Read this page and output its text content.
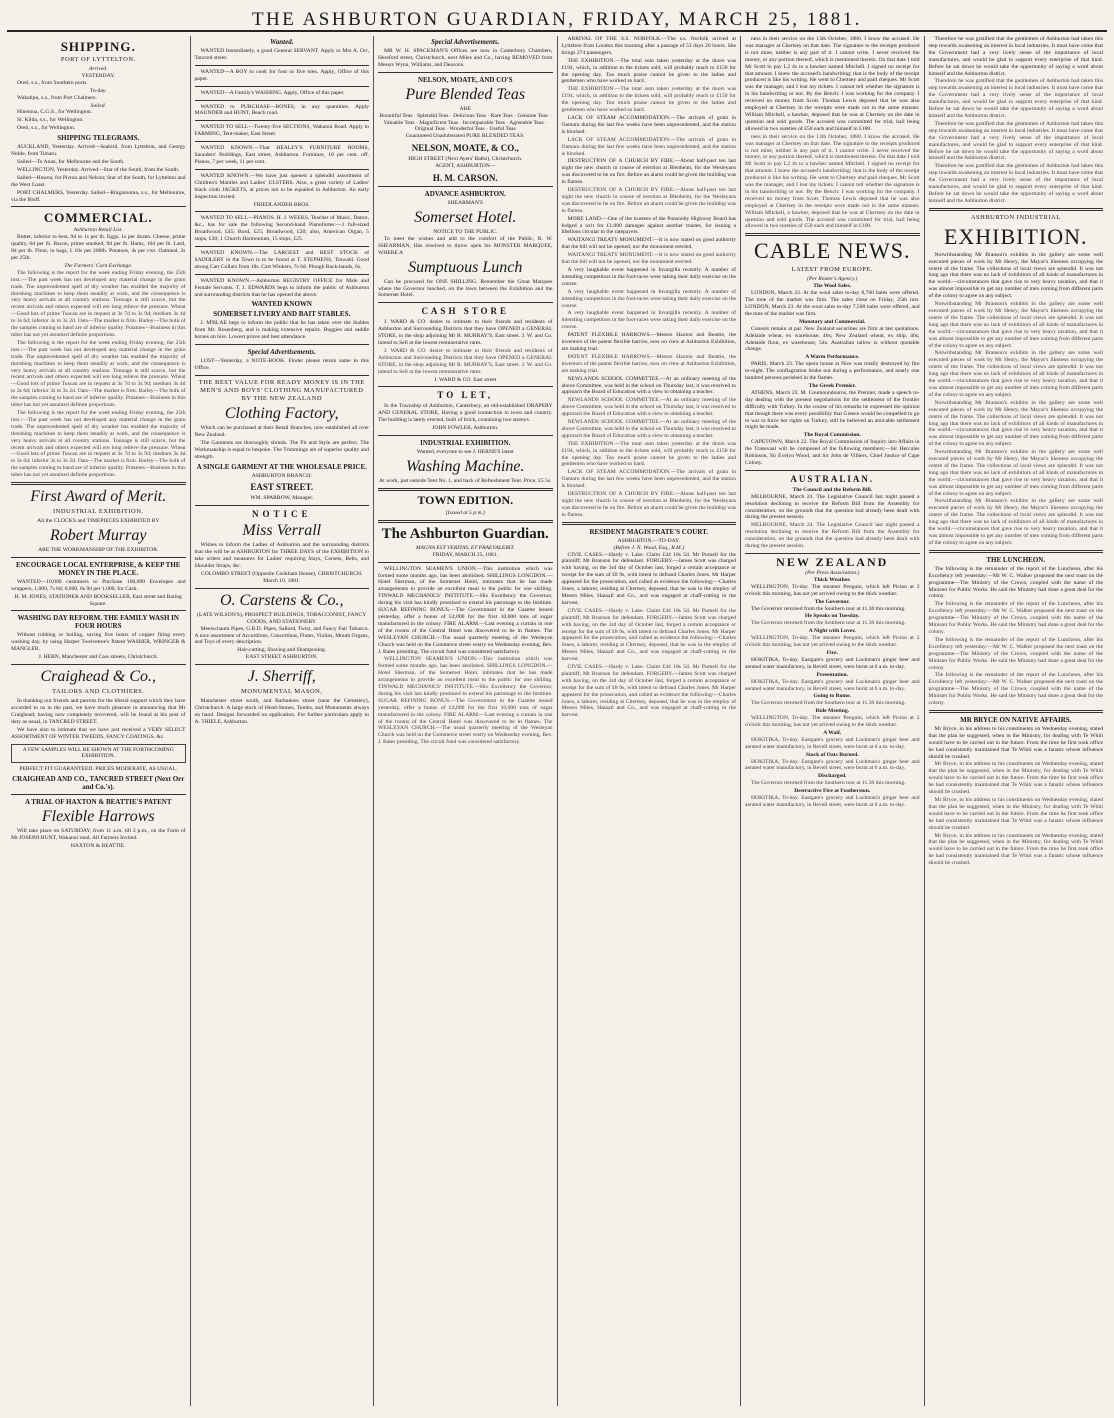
THE ASHBURTON GUARDIAN, FRIDAY, MARCH 25, 1881.
SHIPPING.
PORT OF LYTTELTON.
Arrived.
YESTERDAY.
Oreti, s.s., from Southern ports.
To-day.
Wakatipu, s.s., from Port Chalmers.
Sailed.
Hinemoa, C.G.S., for Wellington.
St. Kilda, s.s., for Wellington.
Oreti, s.s., for Wellington.
SHIPPING TELEGRAMS.
AUCKLAND, Yesterday. Arrived—Seabird, from Lyttelton, and Georgy Noble, from Timaru.
Sailed—To Anau, for Melbourne and the South.
WELLINGTON, Yesterday. Arrived—Star of the South, from the South.
Sailed—Hawea, for Picton and Nelson; Star of the South, for Lyttelton and the West Coast.
PORT CHALMERS, Yesterday. Sailed—Ringarooma, s.s., for Melbourne, via the Bluff.
COMMERCIAL.
Ashburton Retail List.
Butter, inferior to best, 9d to 1s per lb. Eggs, 1s per dozen. Cheese, prime quality, 6d per lb. Bacon, prime smoked, 9d per lb. Hams, 10d per lb. Lard, 8d per lb. Flour, in bags, £ 10s per 200lb. Potatoes, 4s per cwt. Oatmeal, 2s per 25lb.
The Farmers' Corn Exchange.
The following is the report for the week ending Friday evening, the 25th inst.:—The past week has not developed any material change in the grain trade. The unprecedented spell of dry weather has enabled the majority of threshing machines to keep them steadily at work, and the consequence is very heavy arrivals at all country stations. Tonnage is still scarce, but the recent arrivals and others expected will ere long relieve the pressure. Wheat—Good lots of prime Tuscan are in request at 3s 7d to 3s 9d; medium 3s 4d to 3s 6d; inferior 3s to 3s 2d. Oats—The market is firm. Barley—The bulk of the samples coming to hand are of inferior quality. Potatoes—Business in this tuber has not yet assumed definite proportions.
The following is the report for the week ending Friday evening, the 25th inst.:—The past week has not developed any material change in the grain trade. The unprecedented spell of dry weather has enabled the majority of threshing machines to keep them steadily at work, and the consequence is very heavy arrivals at all country stations. Tonnage is still scarce, but the recent arrivals and others expected will ere long relieve the pressure. Wheat—Good lots of prime Tuscan are in request at 3s 7d to 3s 9d; medium 3s 4d to 3s 6d; inferior 3s to 3s 2d. Oats—The market is firm. Barley—The bulk of the samples coming to hand are of inferior quality. Potatoes—Business in this tuber has not yet assumed definite proportions.
The following is the report for the week ending Friday evening, the 25th inst.:—The past week has not developed any material change in the grain trade. The unprecedented spell of dry weather has enabled the majority of threshing machines to keep them steadily at work, and the consequence is very heavy arrivals at all country stations. Tonnage is still scarce, but the recent arrivals and others expected will ere long relieve the pressure. Wheat—Good lots of prime Tuscan are in request at 3s 7d to 3s 9d; medium 3s 4d to 3s 6d; inferior 3s to 3s 2d. Oats—The market is firm. Barley—The bulk of the samples coming to hand are of inferior quality. Potatoes—Business in this tuber has not yet assumed definite proportions.
First Award of Merit.
INDUSTRIAL EXHIBITION.
All the CLOCKS and TIMEPIECES EXHIBITED BY
Robert Murray
ARE THE WORKMANSHIP OF THE EXHIBITOR.
ENCOURAGE LOCAL ENTERPRISE, & KEEP THE MONEY IN THE PLACE.
WANTED—10,000 customers to Purchase 100,000 Envelopes and wrappers, 1,000, 7s 6d; 6,000, 6s 9d per 1,000, for Cash.
H. M. JONES, STATIONER AND BOOKSELLER, East street and Baring Square.
WASHING DAY REFORM. THE FAMILY WASH IN FOUR HOURS
Without rubbing or boiling, saving five hours of copper firing every washing day, by using Harper Twelvetree's Patent WASHER, WRINGER & MANGLER.
J. HERN, Manchester and Cass streets, Christchurch.
Craighead & Co.,
TAILORS AND CLOTHIERS.
In thanking our friends and patrons for the liberal support which they have accorded to us in the past, we have much pleasure in announcing that Mr Craighead, having now completely recovered, will be found at his post of duty as usual, in TANCRED STREET.
We have also to intimate that we have just received a VERY SELECT ASSORTMENT OF WINTER TWEEDS, FANCY COATINGS, &c.
A FEW SAMPLES WILL BE SHOWN AT THE FORTHCOMING EXHIBITION.
PERFECT FIT GUARANTEED. PRICES MODERATE, AS USUAL.
CRAIGHEAD AND CO., TANCRED STREET (Next Orr and Co.'s).
A TRIAL OF HAXTON & BEATTIE'S PATENT
Flexible Harrows
Will take place on SATURDAY, from 11 a.m. till 2 p.m., on the Farm of Mr JOSEPH HUNT, Wakanui road. All Farmers Invited.
HAXTON & BEATTIE.
Wanted.
WANTED Immediately, a good General SERVANT. Apply to Mrs A. Orr, Tancred street.
WANTED—A BOY to cook for four or five men. Apply, Office of this paper.
WANTED—A Family's WASHING. Apply, Office of this paper.
WANTED to PURCHASE—BONES, in any quantities. Apply MAUNDER and HUNT, Beach road.
WANTED TO SELL—Twenty-five SECTIONS, Wakanui Road. Apply to FARMING, Tent-maker, East Street.
WANTED KNOWN.—That HEALEY'S FURNITURE ROOMS, Saunders' Buildings, East street, Ashburton. Furniture, 10 per cent. off. Pianos, 7 per week, 11 per cent.
WANTED KNOWN.—We have just opened a splendid assortment of Children's Mantles and Ladies' ULSTERS. Also, a great variety of Ladies' black cloth JACKETS, at prices not to be equalled in Ashburton. An early inspection invited.
FRIEDLANDER BROS.
WANTED TO SELL—PIANOS. H. J. WEEKS, Teacher of Music, Dance, &c., has for sale the following Second-hand Pianofortes:—1 full-sized Broadwood, £45; Bord, £25; Broadwood, £20; also, American Organ, 5 stops, £30; 1 Church Harmonium, 15 stops, £25.
WANTED KNOWN.—The LARGEST and BEST STOCK of SADDLERY in the Town is to be found at T. STEPHENS, Tinwald. Good strong Cart Collars from 18s. Cart Winkers, 7s 6d. Plough Back-bands, 6s.
WANTED KNOWN.—Ashburton REGISTRY OFFICE for Male and Female Servants. T. J. EDWARDS begs to inform the public of Ashburton and surrounding districts that he has opened the above.
WANTED KNOWN
SOMERSET LIVERY AND BAIT STABLES.
J. M'BLAE begs to inform the public that he has taken over the Stables from Mr. Rosenberg, and is making extensive repairs. Buggies and saddle horses on hire. Lowest prices and best attendance.
Special Advertisements.
LOST—Yesterday, a NOTE-BOOK. Finder please return same to this Office.
THE BEST VALUE FOR READY MONEY IS IN THE MEN'S AND BOYS' CLOTHING MANUFACTURED BY THE NEW ZEALAND
Clothing Factory,
Which can be purchased at their Retail Branches, now established all over New Zealand.
The Garments are thoroughly shrunk. The Fit and Style are perfect. The Workmanship is equal to bespoke. The Trimmings are of superior quality and strength.
A SINGLE GARMENT AT THE WHOLESALE PRICE.
ASHBURTON BRANCH:
EAST STREET.
WM. SPARROW, Manager.
NOTICE
Miss Verrall
Wishes to inform the Ladies of Ashburton and the surrounding districts that she will be at ASHBURTON for THREE DAYS of the EXHIBITION to take orders and measures for Ladies' requiring Stays, Corsets, Belts, and Shoulder Straps, &c.
COLOMBO STREET (Opposite Cookham House), CHRISTCHURCH. March 10, 1881.
O. Carstens & Co.,
(LATE WILSON'S), PROSPECT BUILDINGS, TOBACCONIST, FANCY GOODS, AND STATIONERY.
Meerschaum Pipes, G.B.D. Pipes, Sallord, Twist, and Fancy Fair Tobacco. A nice assortment of Accordions, Concertinas, Flutes, Violins, Mouth Organs, and Toys of every description.
Hair-cutting, Shaving and Shampooing.
EAST STREET ASHBURTON.
J. Sherriff,
MONUMENTAL MASON,
Manchester street south, and Barbadoes street (near the Cemetery), Christchurch. A large stock of Head-Stones, Tombs, and Monuments always on hand. Designs forwarded on application. For further particulars apply to A. THIELE, Ashburton.
Special Advertisements.
MR W. H. SPACKMAN'S Offices are now in Canterbury Chambers, Hereford street, Christchurch, next Miles and Co., having REMOVED from Messrs Wynn, Williams, and Deacons.
NELSON, MOATE, AND CO'S
Pure Blended Teas
ARE
Bountiful Teas · Splendid Teas · Delicious Teas · Rare Teas · Genuine Teas · Valuable Teas · Magnificent Teas · Incomparable Teas · Agreeable Teas · Original Teas · Wonderful Teas · Useful Teas
Guaranteed Unadulterated PURE BLENDED TEAS.
NELSON, MOATE, & CO.,
HIGH STREET (Next Ayers' Baths), Christchurch.
AGENT, ASHBURTON—
H. M. CARSON.
ADVANCE ASHBURTON.
SHEARMAN'S
Somerset Hotel.
NOTICE TO THE PUBLIC.
To meet the wishes and add to the comfort of the Public, R. W. SHEARMAN, Has resolved to throw open his MONSTER MARQUEE, WHERE A
Sumptuous Lunch
Can be procured for ONE SHILLING. Remember the Great Marquee where the Governor lunched, on the lawn between the Exhibition and the Somerset Hotel.
CASH STORE
J. WARD & CO. desire to intimate to their friends and residents of Ashburton and Surrounding Districts that they have OPENED a GENERAL STORE, in the shop adjoining Mr R. MURRAY'S, East street. J. W. and Co. intend to Sell at the lowest remunerative rates.
J. WARD & CO. desire to intimate to their friends and residents of Ashburton and Surrounding Districts that they have OPENED a GENERAL STORE, in the shop adjoining Mr R. MURRAY'S, East street. J. W. and Co. intend to Sell at the lowest remunerative rates.
J. WARD & CO. East street
TO LET,
In the Township of Ashburton, Canterbury, an old-established DRAPERY AND GENERAL STORE, Having a good connection in town and country. The building is lately erected, built of brick, containing two storeys.
JOHN FOWLER, Ashburton.
INDUSTRIAL EXHIBITION.
Wanted, everyone to see J. HERNE'S latest
Washing Machine.
At work, just outside Tent No. 1, and back of Refreshment Tent. Price, £5 5s.
TOWN EDITION.
[Issued at 5 p.m.]
The Ashburton Guardian.
MAGNA EST VERITAS, ET PRAEVALEBIT.
FRIDAY, MARCH 25, 1881.
WELLINGTON SEAMEN'S UNION.—This institution which was formed some months ago, has been abolished. SHILLINGS LONGDON.—Hotel Sherman, of the Somerset Hotel, intimates that he has made arrangements to provide an excellent meal to the public for one shilling. TINWALD MECHANICS' INSTITUTE.—His Excellency the Governor, during his visit has kindly promised to extend his patronage to the Institute. SUGAR REFINING BONUS.—The Government in the Gazette issued yesterday, offer a bonus of £4,000 for the first 10,000 tons of sugar manufactured in the colony. FIRE ALARM.—Last evening a curtain in one of the rooms of the Central Hotel was discovered to be in flames. The WESLEYAN CHURCH.—The usual quarterly meeting of the Wesleyan Church was held on the Commerce street vestry on Wednesday evening, Rev. J. Bates presiding. The circuit fund was considered satisfactory.
WELLINGTON SEAMEN'S UNION.—This institution which was formed some months ago, has been abolished. SHILLINGS LONGDON.—Hotel Sherman, of the Somerset Hotel, intimates that he has made arrangements to provide an excellent meal to the public for one shilling. TINWALD MECHANICS' INSTITUTE.—His Excellency the Governor, during his visit has kindly promised to extend his patronage to the Institute. SUGAR REFINING BONUS.—The Government in the Gazette issued yesterday, offer a bonus of £4,000 for the first 10,000 tons of sugar manufactured in the colony. FIRE ALARM.—Last evening a curtain in one of the rooms of the Central Hotel was discovered to be in flames. The WESLEYAN CHURCH.—The usual quarterly meeting of the Wesleyan Church was held on the Commerce street vestry on Wednesday evening, Rev. J. Bates presiding. The circuit fund was considered satisfactory.
ARRIVAL OF THE S.S. NORFOLK.—The s.s. Norfolk arrived at Lyttelton from London this morning after a passage of 53 days 20 hours. She brings 274 passengers.
THE EXHIBITION.—The total sum taken yesterday at the doors was £194, which, in addition to the tickets sold, will probably reach to £150 for the opening day. Too much praise cannot be given to the ladies and gentlemen who have worked so hard.
THE EXHIBITION.—The total sum taken yesterday at the doors was £194, which, in addition to the tickets sold, will probably reach to £150 for the opening day. Too much praise cannot be given to the ladies and gentlemen who have worked so hard.
LACK OF STEAM ACCOMMODATION.—The arrivals of grain in Oamaru during the last few weeks have been unprecedented, and the station is blocked.
LACK OF STEAM ACCOMMODATION.—The arrivals of grain in Oamaru during the last few weeks have been unprecedented, and the station is blocked.
DESTRUCTION OF A CHURCH BY FIRE.—About half-past ten last night the new church in course of erection at Blenheim, for the Wesleyans was discovered to be on fire. Before an alarm could be given the building was in flames.
DESTRUCTION OF A CHURCH BY FIRE.—About half-past ten last night the new church in course of erection at Blenheim, for the Wesleyans was discovered to be on fire. Before an alarm could be given the building was in flames.
MORE LAND.—One of the trustees of the Ponsonby Highway Board has lodged a writ for £1,000 damages against another trustee, for issuing a libellous circular to the ratepayers.
WAITANGI TREATY MONUMENT.—It is now stated on good authority that the hill will not be opened, nor the monument erected.
WAITANGI TREATY MONUMENT.—It is now stated on good authority that the hill will not be opened, nor the monument erected.
A very laughable event happened in Invargilla recently. A number of intending competitors in the foot-races were taking their daily exercise on the course.
A very laughable event happened in Invargilla recently. A number of intending competitors in the foot-races were taking their daily exercise on the course.
A very laughable event happened in Invargilla recently. A number of intending competitors in the foot-races were taking their daily exercise on the course.
PATENT FLEXIBLE HARROWS.—Messrs Haxton and Beattie, the inventors of the patent flexible harrow, now on view at Ashburton Exhibition, are making trial.
PATENT FLEXIBLE HARROWS.—Messrs Haxton and Beattie, the inventors of the patent flexible harrow, now on view at Ashburton Exhibition, are making trial.
NEWLANDS SCHOOL COMMITTEE.—At an ordinary meeting of the above Committee, was held in the school on Thursday last, it was resolved to approach the Board of Education with a view to obtaining a teacher.
NEWLANDS SCHOOL COMMITTEE.—At an ordinary meeting of the above Committee, was held in the school on Thursday last, it was resolved to approach the Board of Education with a view to obtaining a teacher.
NEWLANDS SCHOOL COMMITTEE.—At an ordinary meeting of the above Committee, was held in the school on Thursday last, it was resolved to approach the Board of Education with a view to obtaining a teacher.
THE EXHIBITION.—The total sum taken yesterday at the doors was £194, which, in addition to the tickets sold, will probably reach to £150 for the opening day. Too much praise cannot be given to the ladies and gentlemen who have worked so hard.
LACK OF STEAM ACCOMMODATION.—The arrivals of grain in Oamaru during the last few weeks have been unprecedented, and the station is blocked.
DESTRUCTION OF A CHURCH BY FIRE.—About half-past ten last night the new church in course of erection at Blenheim, for the Wesleyans was discovered to be on fire. Before an alarm could be given the building was in flames.
RESIDENT MAGISTRATE'S COURT.
ASHBURTON.—TO-DAY.
(Before J. N. Wood, Esq., R.M.)
CIVIL CASES.—Hardy v. Lake. Claim £44 18s 5d. Mr Purnell for the plaintiff; Mr Branson for defendant. FORGERY.—James Scott was charged with having, on the 3rd day of October last, forged a certain acceptance or receipt for the sum of £8 9s, with intent to defraud Charles Jones. Mr Harper appeared for the prosecution, and called as evidence the following:—Charles Jones, a laborer, residing at Chertsey, deposed, that he was in the employ of Messrs Miles, Hassall and Co., and was engaged at chaff-cutting in the harvest.
CIVIL CASES.—Hardy v. Lake. Claim £44 18s 5d. Mr Purnell for the plaintiff; Mr Branson for defendant. FORGERY.—James Scott was charged with having, on the 3rd day of October last, forged a certain acceptance or receipt for the sum of £8 9s, with intent to defraud Charles Jones. Mr Harper appeared for the prosecution, and called as evidence the following:—Charles Jones, a laborer, residing at Chertsey, deposed, that he was in the employ of Messrs Miles, Hassall and Co., and was engaged at chaff-cutting in the harvest.
CIVIL CASES.—Hardy v. Lake. Claim £44 18s 5d. Mr Purnell for the plaintiff; Mr Branson for defendant. FORGERY.—James Scott was charged with having, on the 3rd day of October last, forged a certain acceptance or receipt for the sum of £8 9s, with intent to defraud Charles Jones. Mr Harper appeared for the prosecution, and called as evidence the following:—Charles Jones, a laborer, residing at Chertsey, deposed, that he was in the employ of Messrs Miles, Hassall and Co., and was engaged at chaff-cutting in the harvest.
ness in their service on the 13th October, 1880. I know the accused. He was manager at Chertsey on that date. The signature to the receipts produced is not mine, neither is any part of it. I cannot write. I never received the money, or any portion thereof, which is mentioned therein. On that date I told Mr Scott to pay L2 4s to a hawker named Mitchell. I signed no receipt for that amount. I knew the accused's handwriting; that is the body of the receipt produced is like his writing. He went to Chertsey and paid cheques. Mr Scott was the manager, and I lost my tickets. I cannot tell whether the signature is in his handwriting or not. By the Bench: I was working for the company. I received no money from Scott. Thomas Lewis deposed that he was also employed at Chertsey in the receipts were made out in the same manner. William Mitchell, a hawker, deposed that he was at Chertsey on the date in question and sold goods. The accused was committed for trial, bail being allowed in two sureties of £50 each and himself in £100.
ness in their service on the 13th October, 1880. I know the accused. He was manager at Chertsey on that date. The signature to the receipts produced is not mine, neither is any part of it. I cannot write. I never received the money, or any portion thereof, which is mentioned therein. On that date I told Mr Scott to pay L2 4s to a hawker named Mitchell. I signed no receipt for that amount. I knew the accused's handwriting; that is the body of the receipt produced is like his writing. He went to Chertsey and paid cheques. Mr Scott was the manager, and I lost my tickets. I cannot tell whether the signature is in his handwriting or not. By the Bench: I was working for the company. I received no money from Scott. Thomas Lewis deposed that he was also employed at Chertsey in the receipts were made out in the same manner. William Mitchell, a hawker, deposed that he was at Chertsey on the date in question and sold goods. The accused was committed for trial, bail being allowed in two sureties of £50 each and himself in £100.
CABLE NEWS.
LATEST FROM EUROPE.
(Per Reuter's Agency.)
The Wool Sales.
LONDON, March 22. At the wool sales to-day 8,700 bales were offered. The tone of the market was firm. The sales close on Friday, 25th inst. LONDON, March 23. At the wool sales to-day 7,500 bales were offered, and the tone of the market was firm.
Monetary and Commercial.
Consols remain at par. New Zealand securities are firm at last quotations. Adelaide wheat, ex warehouse, 46s; New Zealand wheat, ex ship, 46s; Adelaide flour, ex warehouse, 54s. Australian tallow is without quotable change.
A Warm Performance.
PARIS, March 23. The opera house at Nice was totally destroyed by fire to-night. The conflagration broke out during a performance, and nearly one hundred persons perished in the flames.
The Greek Premier.
ATHENS, March 23. M. Coumoundouros, the Premier, made a speech to-day dealing with the present negotiations for the settlement of the frontier difficulty with Turkey. In the course of his remarks he expressed the opinion that though there was every possibility that Greece would be compelled to go to war to force her rights on Turkey, still he believed an amicable settlement might be made.
The Royal Commission.
CAPETOWN, March 22. The Royal Commission of Inquiry into Affairs in the Transvaal will be composed of the following members:—Sir Hercules Robinson, Sir Evelyn Wood, and Sir John de Villiers, Chief Justice of Cape Colony.
AUSTRALIAN.
The Council and the Reform Bill.
MELBOURNE, March 24. The Legislative Council last night passed a resolution declining to receive the Reform Bill from the Assembly for consideration, on the grounds that the question had already been dealt with during the present session.
MELBOURNE, March 24. The Legislative Council last night passed a resolution declining to receive the Reform Bill from the Assembly for consideration, on the grounds that the question had already been dealt with during the present session.
NEW ZEALAND
(Per Press Association.)
Thick Weather.
WELLINGTON, To-day. The steamer Penguin, which left Picton at 2 o'clock this morning, has not yet arrived owing to the thick weather.
The Governor.
The Governor returned from the Southern tour at 11.30 this morning.
He Speaks on Tuesday.
The Governor returned from the Southern tour at 11.30 this morning.
A Night with Lover.
WELLINGTON, To-day. The steamer Penguin, which left Picton at 2 o'clock this morning, has not yet arrived owing to the thick weather.
Fire.
HOKITIKA, To-day. Eastgate's grocery and Luckman's ginger beer and aerated water manufactory, in Revell street, were burnt at 6 a.m. to-day.
Presentation.
HOKITIKA, To-day. Eastgate's grocery and Luckman's ginger beer and aerated water manufactory, in Revell street, were burnt at 6 a.m. to-day.
Going to Rome.
The Governor returned from the Southern tour at 11.30 this morning.
Ride Meeting.
WELLINGTON, To-day. The steamer Penguin, which left Picton at 2 o'clock this morning, has not yet arrived owing to the thick weather.
A Waif.
HOKITIKA, To-day. Eastgate's grocery and Luckman's ginger beer and aerated water manufactory, in Revell street, were burnt at 6 a.m. to-day.
Stack of Oats Burned.
HOKITIKA, To-day. Eastgate's grocery and Luckman's ginger beer and aerated water manufactory, in Revell street, were burnt at 6 a.m. to-day.
Discharged.
The Governor returned from the Southern tour at 11.30 this morning.
Destructive Fire at Featherston.
HOKITIKA, To-day. Eastgate's grocery and Luckman's ginger beer and aerated water manufactory, in Revell street, were burnt at 6 a.m. to-day.
Therefore he was gratified that the gentlemen of Ashburton had taken this step towards awakening an interest in local industries. It must have come that the Government had a very lively sense of the importance of local manufactures, and would be glad to support every enterprise of that kind. Before he sat down he would take the opportunity of saying a word about himself and the Ashburton district.
Therefore he was gratified that the gentlemen of Ashburton had taken this step towards awakening an interest in local industries. It must have come that the Government had a very lively sense of the importance of local manufactures, and would be glad to support every enterprise of that kind. Before he sat down he would take the opportunity of saying a word about himself and the Ashburton district.
Therefore he was gratified that the gentlemen of Ashburton had taken this step towards awakening an interest in local industries. It must have come that the Government had a very lively sense of the importance of local manufactures, and would be glad to support every enterprise of that kind. Before he sat down he would take the opportunity of saying a word about himself and the Ashburton district.
Therefore he was gratified that the gentlemen of Ashburton had taken this step towards awakening an interest in local industries. It must have come that the Government had a very lively sense of the importance of local manufactures, and would be glad to support every enterprise of that kind. Before he sat down he would take the opportunity of saying a word about himself and the Ashburton district.
ASHBURTON INDUSTRIAL
EXHIBITION.
Notwithstanding Mr Branson's exhibits in the gallery are some well executed pieces of work by Mr Henry, the Mayor's likeness occupying the centre of the frame. The collections of local views are splendid. It was not long ago that there was no lack of exhibitors of all kinds of manufactures in the world.—circumstances that gave rise to very heavy taxation, and that it was almost impossible to get any number of men coming from different parts of the colony to agree on any subject.
Notwithstanding Mr Branson's exhibits in the gallery are some well executed pieces of work by Mr Henry, the Mayor's likeness occupying the centre of the frame. The collections of local views are splendid. It was not long ago that there was no lack of exhibitors of all kinds of manufactures in the world.—circumstances that gave rise to very heavy taxation, and that it was almost impossible to get any number of men coming from different parts of the colony to agree on any subject.
Notwithstanding Mr Branson's exhibits in the gallery are some well executed pieces of work by Mr Henry, the Mayor's likeness occupying the centre of the frame. The collections of local views are splendid. It was not long ago that there was no lack of exhibitors of all kinds of manufactures in the world.—circumstances that gave rise to very heavy taxation, and that it was almost impossible to get any number of men coming from different parts of the colony to agree on any subject.
Notwithstanding Mr Branson's exhibits in the gallery are some well executed pieces of work by Mr Henry, the Mayor's likeness occupying the centre of the frame. The collections of local views are splendid. It was not long ago that there was no lack of exhibitors of all kinds of manufactures in the world.—circumstances that gave rise to very heavy taxation, and that it was almost impossible to get any number of men coming from different parts of the colony to agree on any subject.
Notwithstanding Mr Branson's exhibits in the gallery are some well executed pieces of work by Mr Henry, the Mayor's likeness occupying the centre of the frame. The collections of local views are splendid. It was not long ago that there was no lack of exhibitors of all kinds of manufactures in the world.—circumstances that gave rise to very heavy taxation, and that it was almost impossible to get any number of men coming from different parts of the colony to agree on any subject.
Notwithstanding Mr Branson's exhibits in the gallery are some well executed pieces of work by Mr Henry, the Mayor's likeness occupying the centre of the frame. The collections of local views are splendid. It was not long ago that there was no lack of exhibitors of all kinds of manufactures in the world.—circumstances that gave rise to very heavy taxation, and that it was almost impossible to get any number of men coming from different parts of the colony to agree on any subject.
THE LUNCHEON.
The following is the remainder of the report of the Luncheon, after his Excellency left yesterday:—Mr W. C. Walker proposed the next toast on the programme—The Ministry of the Crown, coupled with the name of the Minister for Public Works. He said the Ministry had done a great deal for the colony.
The following is the remainder of the report of the Luncheon, after his Excellency left yesterday:—Mr W. C. Walker proposed the next toast on the programme—The Ministry of the Crown, coupled with the name of the Minister for Public Works. He said the Ministry had done a great deal for the colony.
The following is the remainder of the report of the Luncheon, after his Excellency left yesterday:—Mr W. C. Walker proposed the next toast on the programme—The Ministry of the Crown, coupled with the name of the Minister for Public Works. He said the Ministry had done a great deal for the colony.
The following is the remainder of the report of the Luncheon, after his Excellency left yesterday:—Mr W. C. Walker proposed the next toast on the programme—The Ministry of the Crown, coupled with the name of the Minister for Public Works. He said the Ministry had done a great deal for the colony.
MR BRYCE ON NATIVE AFFAIRS.
Mr Bryce, in his address to his constituents on Wednesday evening, stated that the plan he suggested, when in the Ministry, for dealing with Te Whiti would have to be carried out in the future. From the time he first took office he had consistently maintained that Te Whiti was a fanatic whose influence should be crushed.
Mr Bryce, in his address to his constituents on Wednesday evening, stated that the plan he suggested, when in the Ministry, for dealing with Te Whiti would have to be carried out in the future. From the time he first took office he had consistently maintained that Te Whiti was a fanatic whose influence should be crushed.
Mr Bryce, in his address to his constituents on Wednesday evening, stated that the plan he suggested, when in the Ministry, for dealing with Te Whiti would have to be carried out in the future. From the time he first took office he had consistently maintained that Te Whiti was a fanatic whose influence should be crushed.
Mr Bryce, in his address to his constituents on Wednesday evening, stated that the plan he suggested, when in the Ministry, for dealing with Te Whiti would have to be carried out in the future. From the time he first took office he had consistently maintained that Te Whiti was a fanatic whose influence should be crushed.
